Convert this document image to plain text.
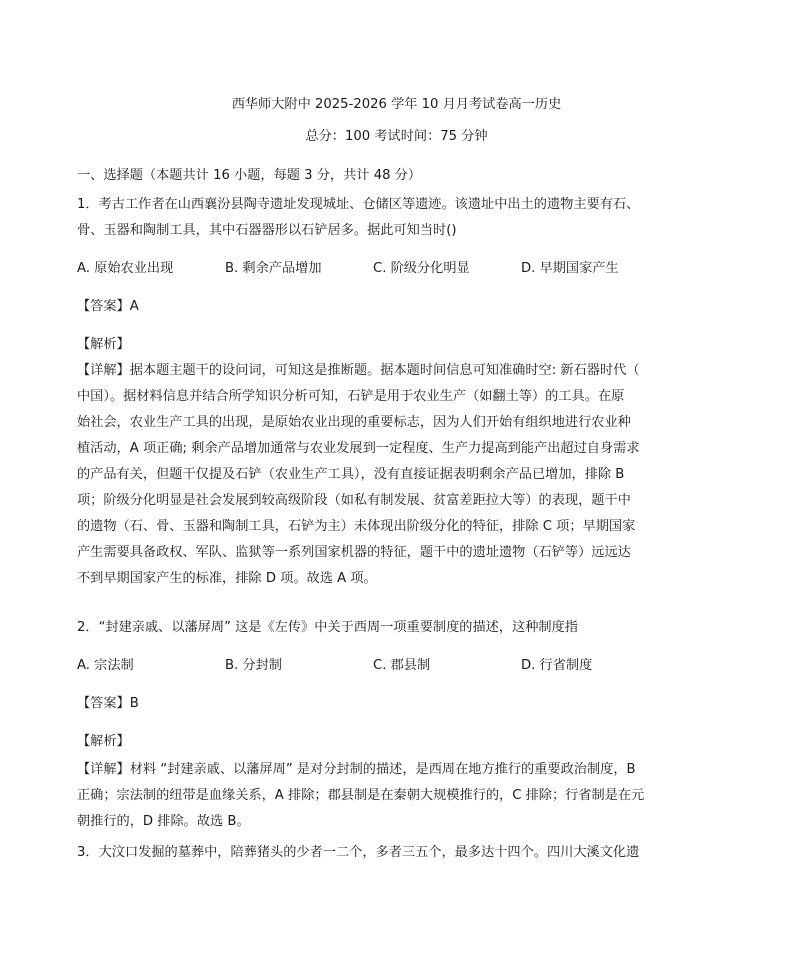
西华师大附中 2025-2026 学年 10 月月考试卷高一历史
总分：100 考试时间：75 分钟
一、选择题（本题共计 16 小题，每题 3 分，共计 48 分）
1．考古工作者在山西襄汾县陶寺遗址发现城址、仓储区等遗迹。该遗址中出土的遗物主要有石、
骨、玉器和陶制工具，其中石器器形以石铲居多。据此可知当时()
A. 原始农业出现	B. 剩余产品增加	C. 阶级分化明显	D. 早期国家产生
【答案】A
【解析】
【详解】据本题主题干的设问词，可知这是推断题。据本题时间信息可知准确时空: 新石器时代（
中国）。据材料信息并结合所学知识分析可知，石铲是用于农业生产（如翻土等）的工具。在原
始社会，农业生产工具的出现，是原始农业出现的重要标志，因为人们开始有组织地进行农业种
植活动，A 项正确; 剩余产品增加通常与农业发展到一定程度、生产力提高到能产出超过自身需求
的产品有关，但题干仅提及石铲（农业生产工具），没有直接证据表明剩余产品已增加，排除 B
项；阶级分化明显是社会发展到较高级阶段（如私有制发展、贫富差距拉大等）的表现，题干中
的遗物（石、骨、玉器和陶制工具，石铲为主）未体现出阶级分化的特征，排除 C 项；早期国家
产生需要具备政权、军队、监狱等一系列国家机器的特征，题干中的遗址遗物（石铲等）远远达
不到早期国家产生的标准，排除 D 项。故选 A 项。
2．“封建亲戚、以藩屏周” 这是《左传》中关于西周一项重要制度的描述，这种制度指
A. 宗法制	B. 分封制	C. 郡县制	D. 行省制度
【答案】B
【解析】
【详解】材料 “封建亲戚、以藩屏周” 是对分封制的描述，是西周在地方推行的重要政治制度，B
正确；宗法制的纽带是血缘关系，A 排除；郡县制是在秦朝大规模推行的，C 排除；行省制是在元
朝推行的，D 排除。故选 B。
3．大汶口发掘的墓葬中，陪葬猪头的少者一二个，多者三五个，最多达十四个。四川大溪文化遗
